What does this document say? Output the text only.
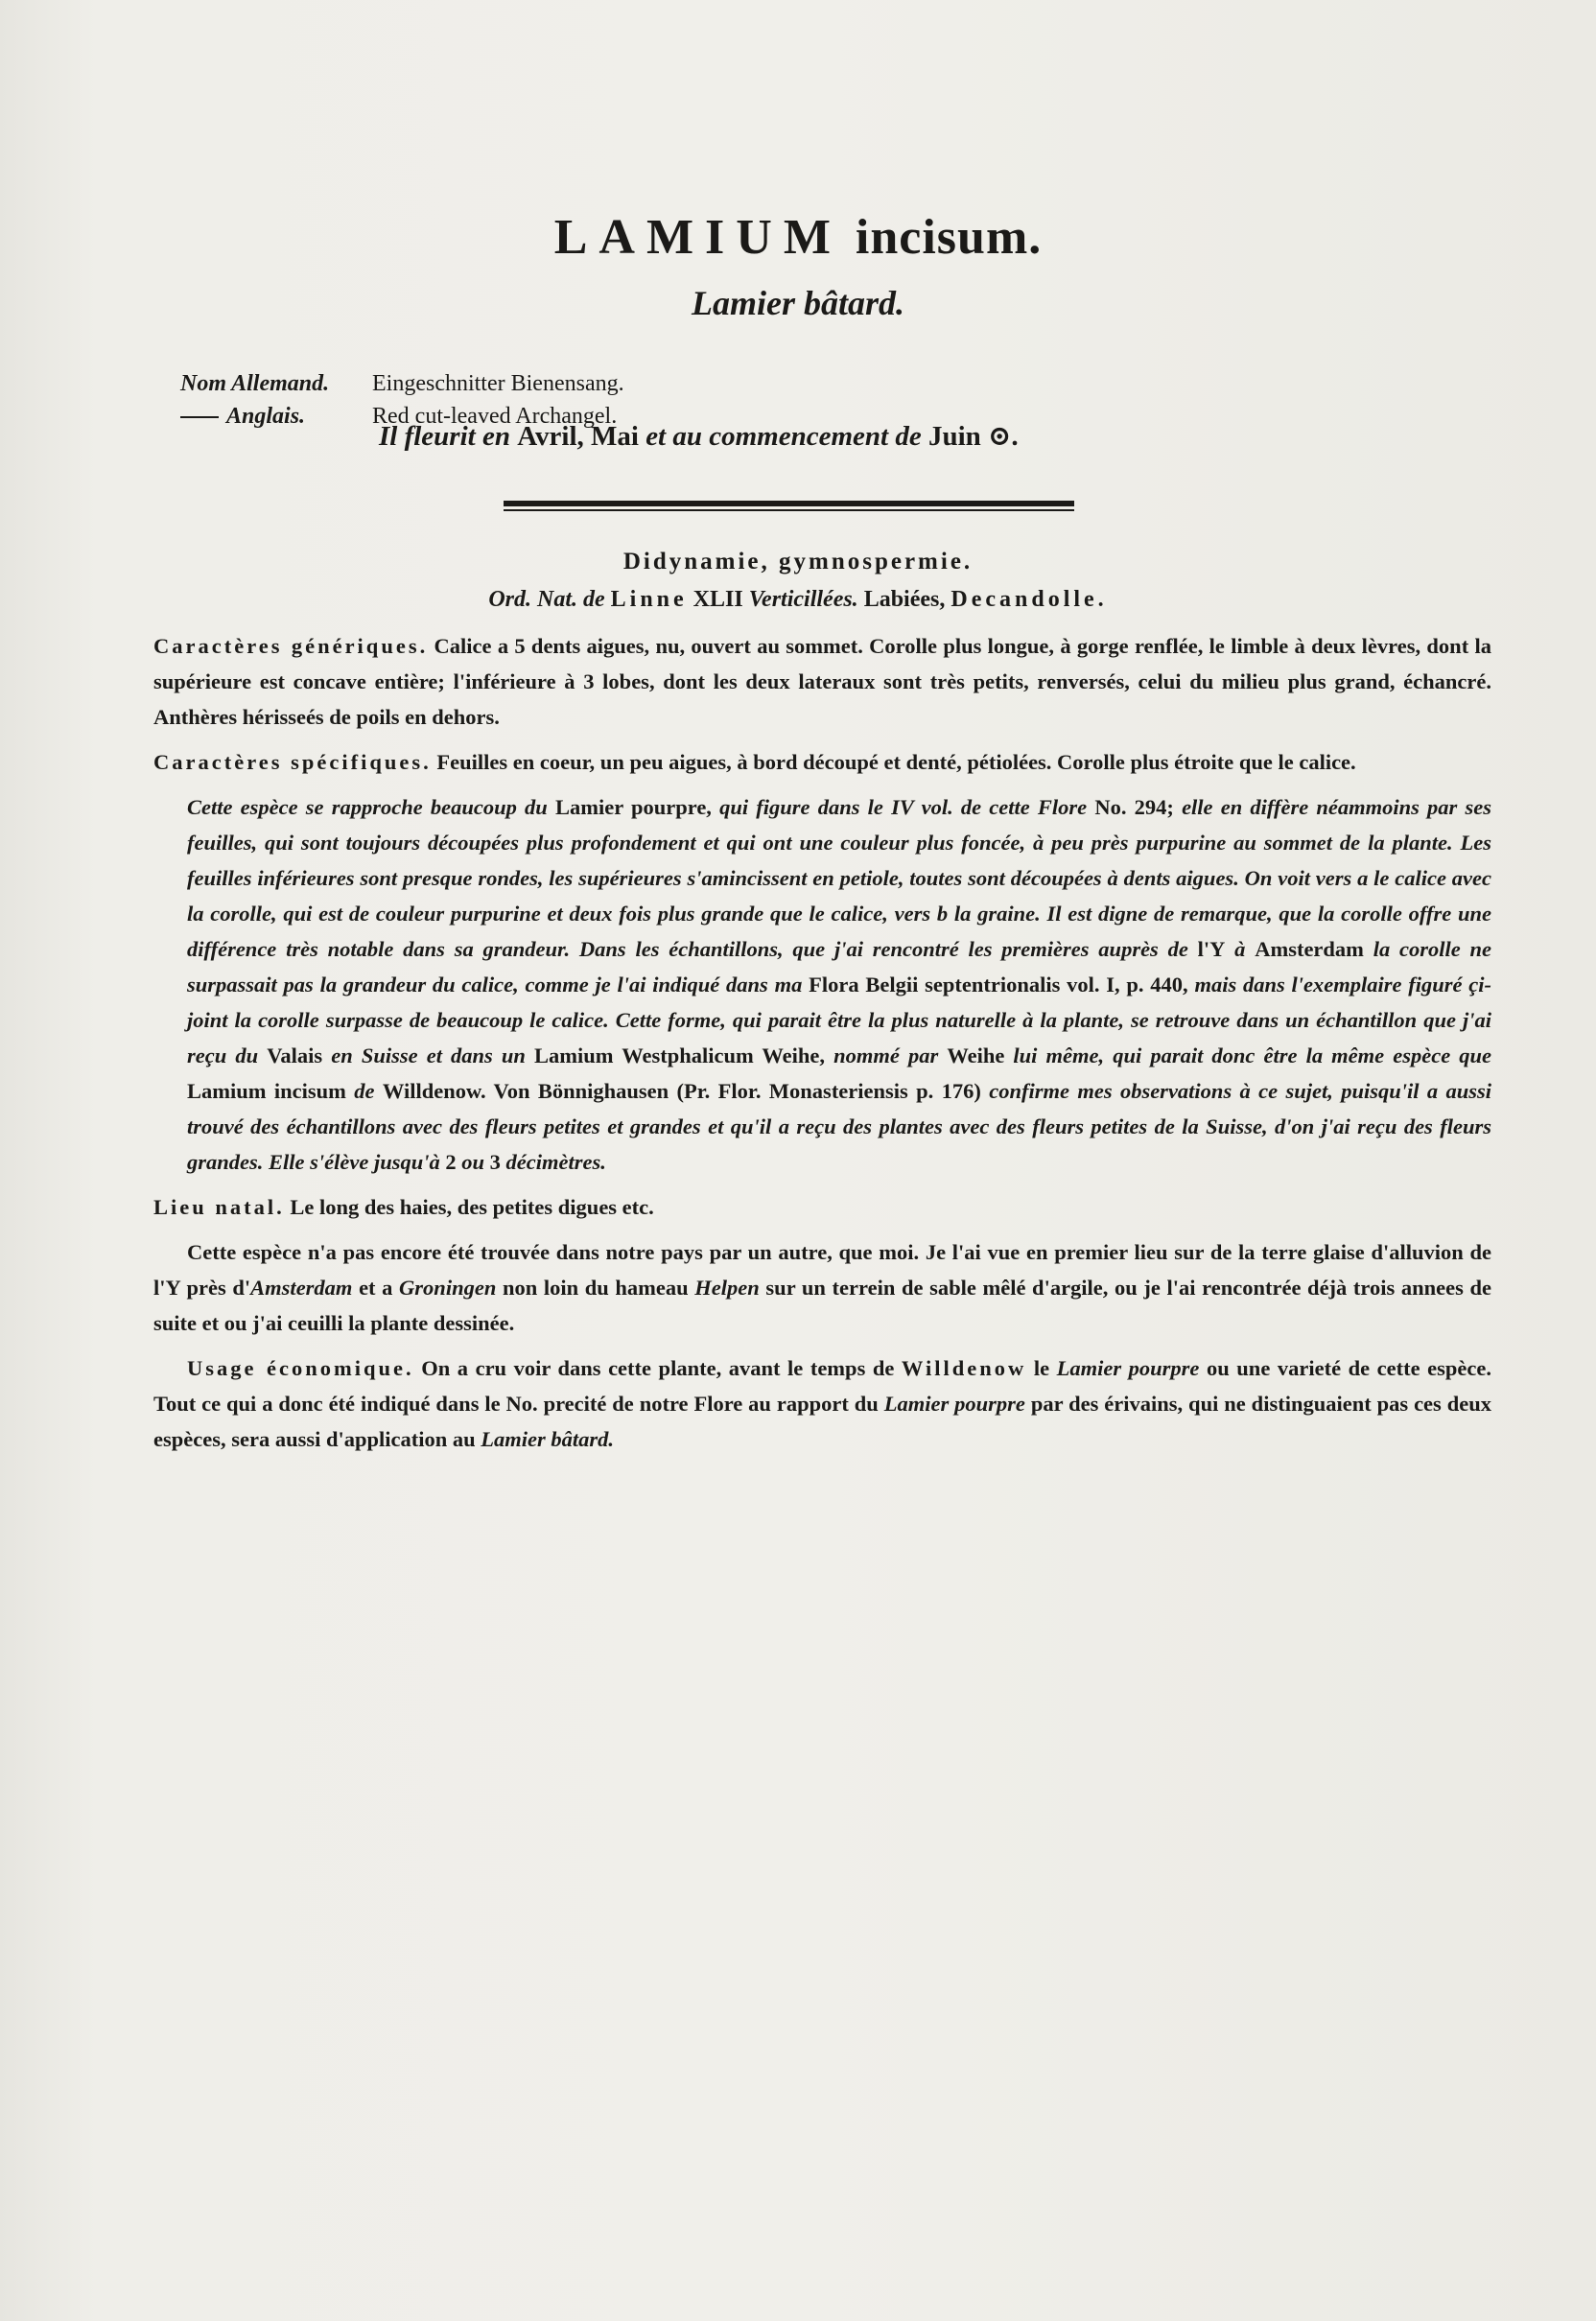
LAMIUM incisum.
Lamier bâtard.
Nom Allemand. Eingeschnitter Bienensang.
Anglais.	Red cut-leaved Archangel.
Il fleurit en Avril, Mai et au commencement de Juin ⊙.
Didynamie, gymnospermie.
Ord. Nat. de Linne XLII Verticillées. Labiées, Decandolle.

Caractères génériques. Calice a 5 dents aigues, nu, ouvert au sommet. Corolle plus longue, à gorge renflée, le limble à deux lèvres, dont la supérieure est concave entière; l'inférieure à 3 lobes, dont les deux lateraux sont très petits, renversés, celui du milieu plus grand, échancré. Anthères hérisseés de poils en dehors.

Caractères spécifiques. Feuilles en coeur, un peu aigues, à bord découpé et denté, pétiolées. Corolle plus étroite que le calice.

Cette espèce se rapproche beaucoup du Lamier pourpre, qui figure dans le IV vol. de cette Flore No. 294; elle en diffère néammoins par ses feuilles, qui sont toujours découpées plus profondement et qui ont une couleur plus foncée, à peu près purpurine au sommet de la plante. Les feuilles inférieures sont presque rondes, les supérieures s'amincissent en petiole, toutes sont découpées à dents aigues. On voit vers a le calice avec la corolle, qui est de couleur purpurine et deux fois plus grande que le calice, vers b la graine. Il est digne de remarque, que la corolle offre une différence très notable dans sa grandeur. Dans les échantillons, que j'ai rencontré les premières auprès de l'Y à Amsterdam la corolle ne surpassait pas la grandeur du calice, comme je l'ai indiqué dans ma Flora Belgii septentrionalis vol. I, p. 440, mais dans l'exemplaire figuré çi-joint la corolle surpasse de beaucoup le calice. Cette forme, qui parait être la plus naturelle à la plante, se retrouve dans un échantillon que j'ai reçu du Valais en Suisse et dans un Lamium Westphalicum Weihe, nommé par Weihe lui même, qui parait donc être la même espèce que Lamium incisum de Willdenow. Von Bönnighausen (Pr. Flor. Monasteriensis p. 176) confirme mes observations à ce sujet, puisqu'il a aussi trouvé des échantillons avec des fleurs petites et grandes et qu'il a reçu des plantes avec des fleurs petites de la Suisse, d'on j'ai reçu des fleurs grandes. Elle s'élève jusqu'à 2 ou 3 décimètres.

Lieu natal. Le long des haies, des petites digues etc.

Cette espèce n'a pas encore été trouvée dans notre pays par un autre, que moi. Je l'ai vue en premier lieu sur de la terre glaise d'alluvion de l'Y près d'Amsterdam et a Groningen non loin du hameau Helpen sur un terrein de sable mêlé d'argile, ou je l'ai rencontrée déjà trois annees de suite et ou j'ai ceuilli la plante dessinée.

Usage économique. On a cru voir dans cette plante, avant le temps de Willdenow le Lamier pourpre ou une varieté de cette espèce. Tout ce qui a donc été indiqué dans le No. precité de notre Flore au rapport du Lamier pourpre par des érivains, qui ne distinguaient pas ces deux espèces, sera aussi d'application au Lamier bâtard.
